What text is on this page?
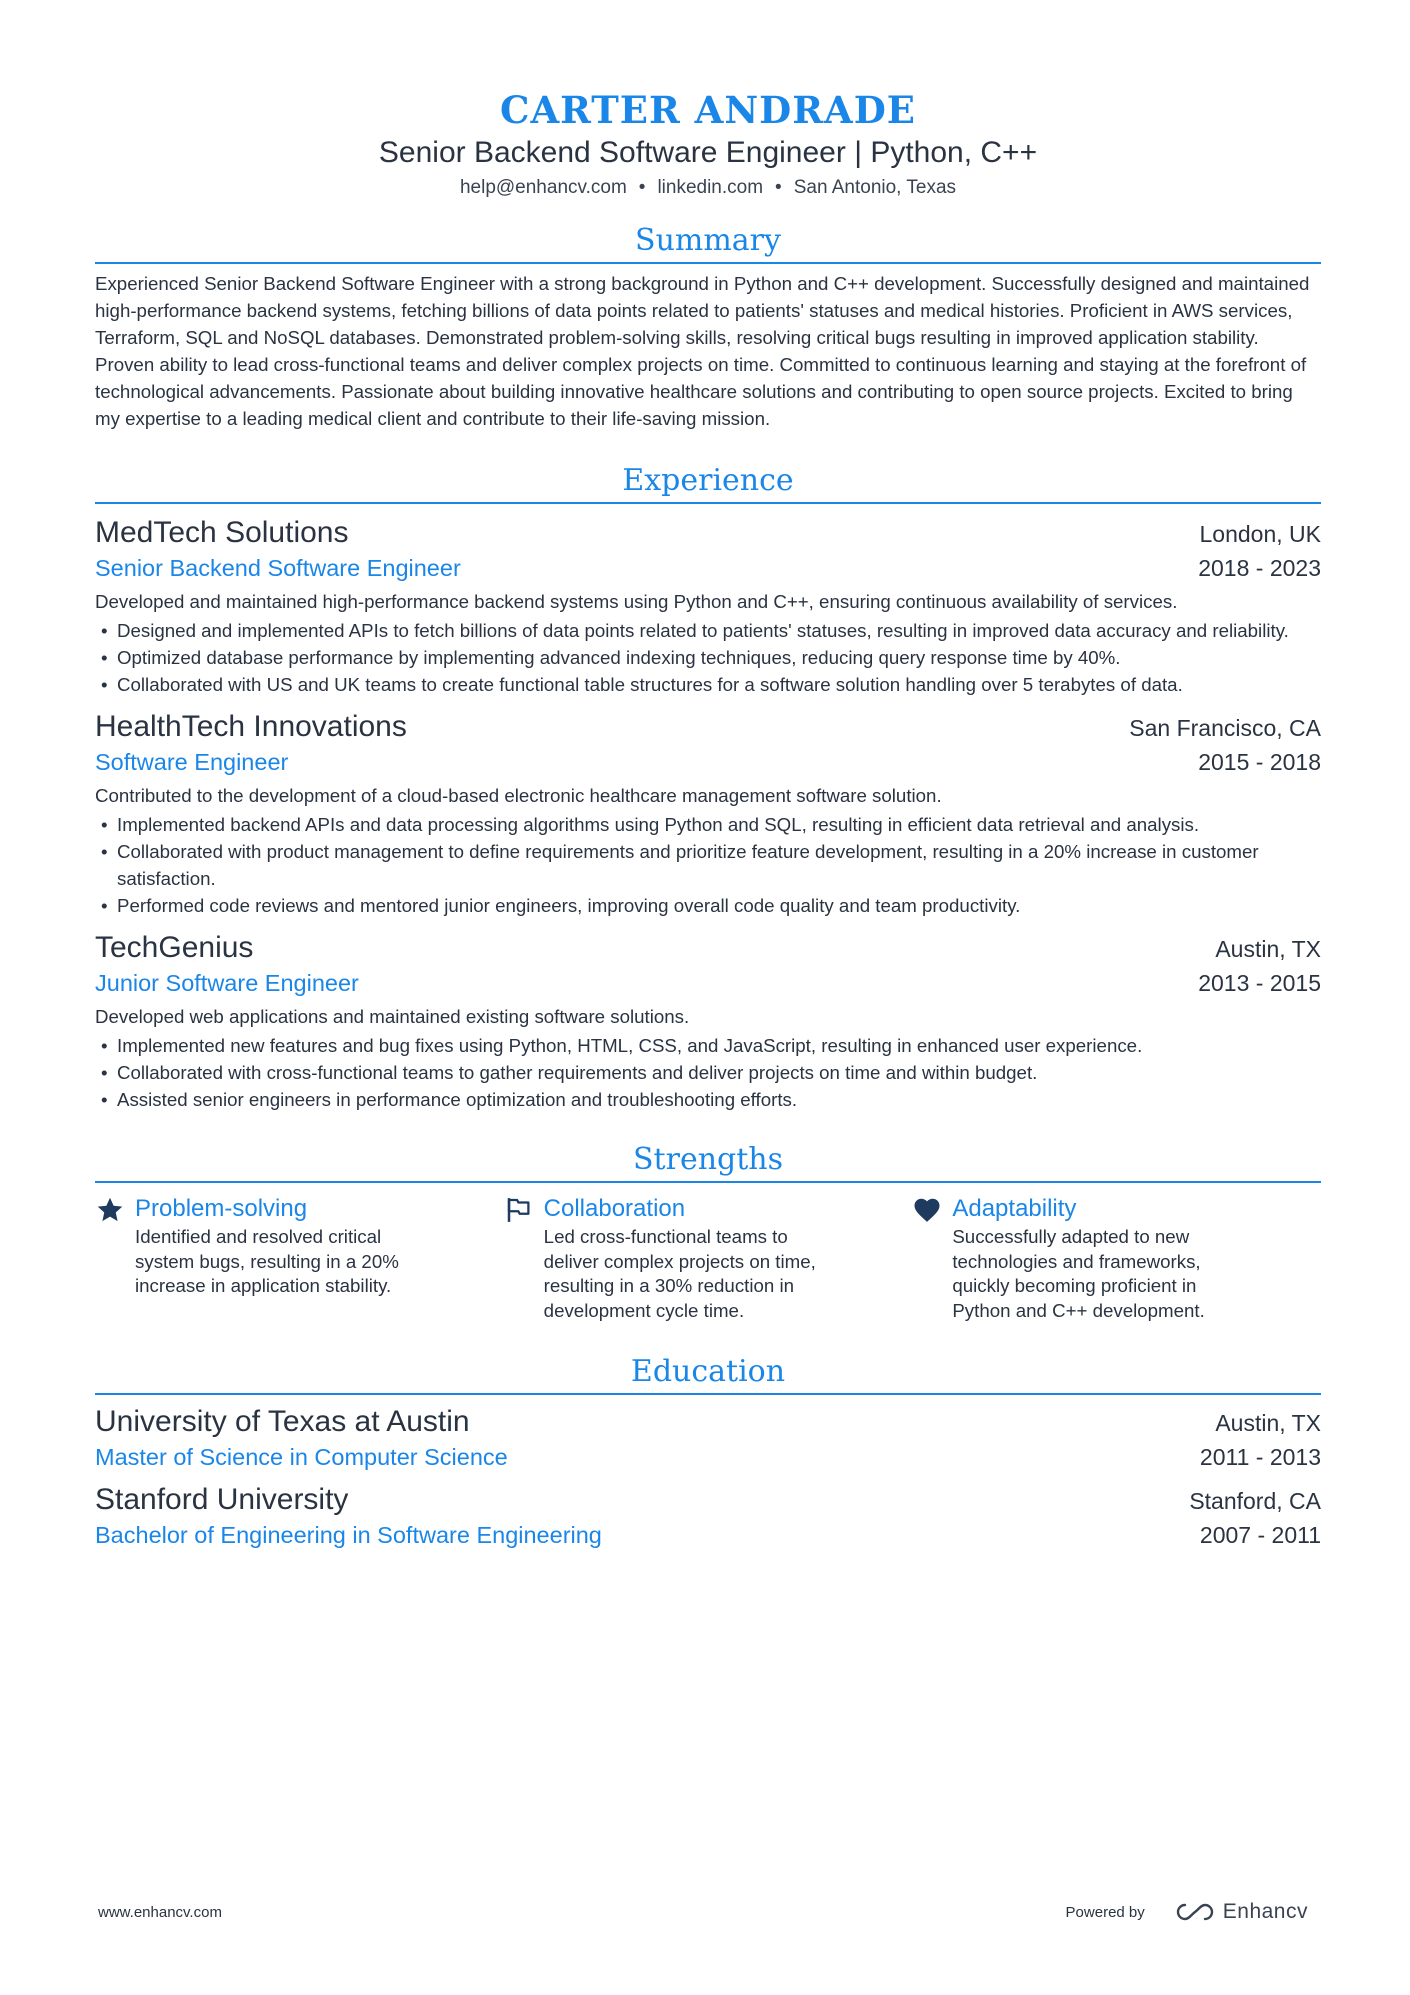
CARTER ANDRADE
Senior Backend Software Engineer | Python, C++
help@enhancv.com • linkedin.com • San Antonio, Texas
Summary
Experienced Senior Backend Software Engineer with a strong background in Python and C++ development. Successfully designed and maintained high-performance backend systems, fetching billions of data points related to patients' statuses and medical histories. Proficient in AWS services, Terraform, SQL and NoSQL databases. Demonstrated problem-solving skills, resolving critical bugs resulting in improved application stability. Proven ability to lead cross-functional teams and deliver complex projects on time. Committed to continuous learning and staying at the forefront of technological advancements. Passionate about building innovative healthcare solutions and contributing to open source projects. Excited to bring my expertise to a leading medical client and contribute to their life-saving mission.
Experience
MedTech Solutions	London, UK
Senior Backend Software Engineer	2018 - 2023
Developed and maintained high-performance backend systems using Python and C++, ensuring continuous availability of services.
• Designed and implemented APIs to fetch billions of data points related to patients' statuses, resulting in improved data accuracy and reliability.
• Optimized database performance by implementing advanced indexing techniques, reducing query response time by 40%.
• Collaborated with US and UK teams to create functional table structures for a software solution handling over 5 terabytes of data.
HealthTech Innovations	San Francisco, CA
Software Engineer	2015 - 2018
Contributed to the development of a cloud-based electronic healthcare management software solution.
• Implemented backend APIs and data processing algorithms using Python and SQL, resulting in efficient data retrieval and analysis.
• Collaborated with product management to define requirements and prioritize feature development, resulting in a 20% increase in customer satisfaction.
• Performed code reviews and mentored junior engineers, improving overall code quality and team productivity.
TechGenius	Austin, TX
Junior Software Engineer	2013 - 2015
Developed web applications and maintained existing software solutions.
• Implemented new features and bug fixes using Python, HTML, CSS, and JavaScript, resulting in enhanced user experience.
• Collaborated with cross-functional teams to gather requirements and deliver projects on time and within budget.
• Assisted senior engineers in performance optimization and troubleshooting efforts.
Strengths
Problem-solving
Identified and resolved critical system bugs, resulting in a 20% increase in application stability.
Collaboration
Led cross-functional teams to deliver complex projects on time, resulting in a 30% reduction in development cycle time.
Adaptability
Successfully adapted to new technologies and frameworks, quickly becoming proficient in Python and C++ development.
Education
University of Texas at Austin	Austin, TX
Master of Science in Computer Science	2011 - 2013
Stanford University	Stanford, CA
Bachelor of Engineering in Software Engineering	2007 - 2011
www.enhancv.com	Powered by	Enhancv
